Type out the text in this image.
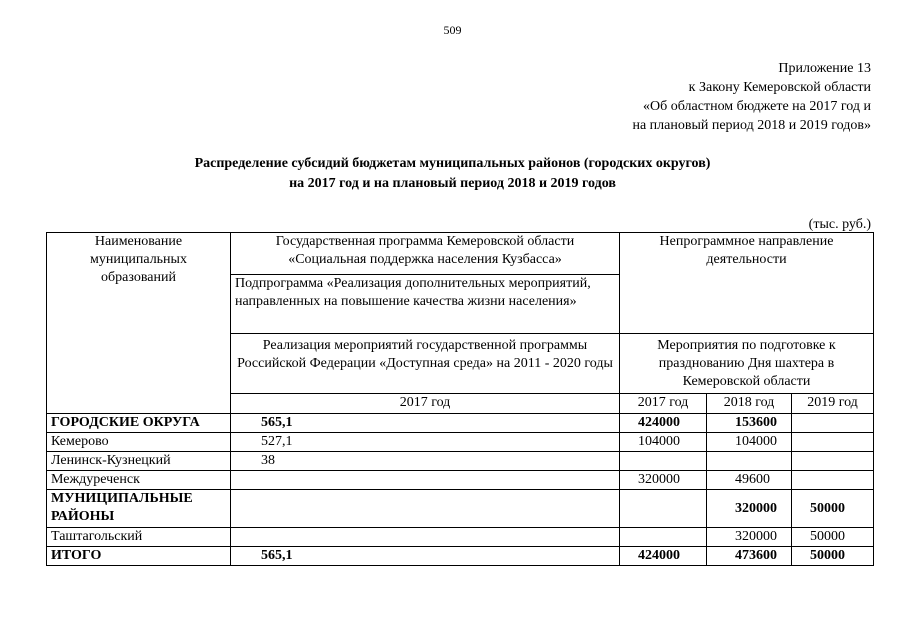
509
Приложение 13
к Закону Кемеровской области
«Об областном бюджете на 2017 год и
на плановый период 2018 и 2019 годов»
Распределение субсидий бюджетам муниципальных районов (городских округов)
на 2017 год и на плановый период 2018 и 2019 годов
(тыс. руб.)
Наименование муниципальных образований	Государственная программа Кемеровской области «Социальная поддержка населения Кузбасса»	Непрограммное направление деятельности		
	Подпрограмма «Реализация дополнительных мероприятий, направленных на повышение качества жизни населения»			
	Реализация мероприятий государственной программы Российской Федерации «Доступная среда» на 2011 - 2020 годы	Мероприятия по подготовке к празднованию Дня шахтера в Кемеровской области		
	2017 год	2017 год	2018 год	2019 год
ГОРОДСКИЕ ОКРУГА	565,1	424000	153600	
Кемерово	527,1	104000	104000	
Ленинск-Кузнецкий	38			
Междуреченск		320000	49600	
МУНИЦИПАЛЬНЫЕ РАЙОНЫ			320000	50000
Таштагольский			320000	50000
ИТОГО	565,1	424000	473600	50000
